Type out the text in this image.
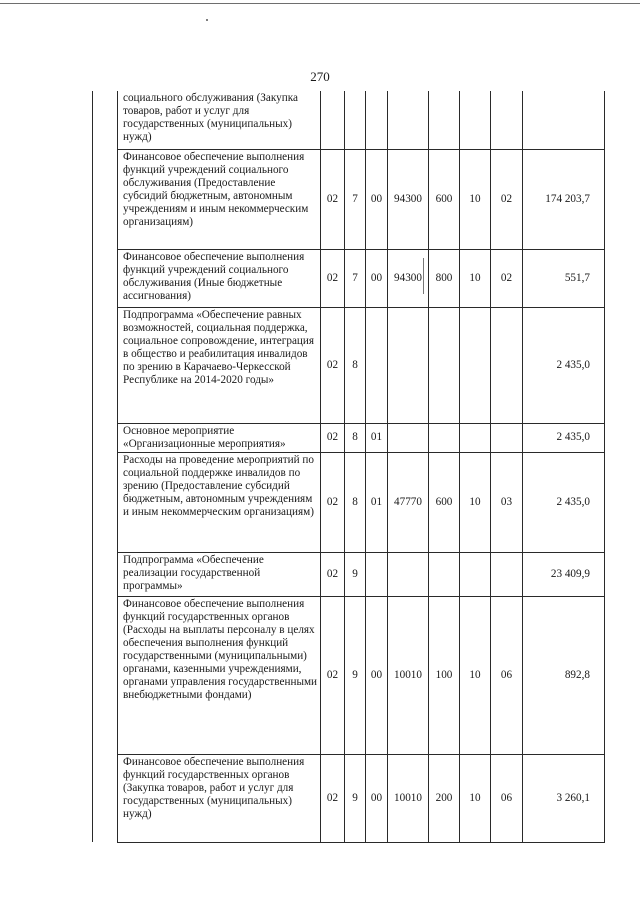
270
	социального обслуживания (Закупка товаров, работ и услуг для государственных (муниципальных) нужд)								
	Финансовое обеспечение выполнения функций учреждений социального обслуживания (Предоставление субсидий бюджетным, автономным учреждениям и иным некоммерческим организациям)	02	7	00	94300	600	10	02	174 203,7
	Финансовое обеспечение выполнения функций учреждений социального обслуживания (Иные бюджетные ассигнования)	02	7	00	94300	800	10	02	551,7
	Подпрограмма «Обеспечение равных возможностей, социальная поддержка, социальное сопровождение, интеграция в общество и реабилитация инвалидов по зрению в Карачаево-Черкесской Республике на 2014-2020 годы»	02	8						2 435,0
	Основное мероприятие «Организационные мероприятия»	02	8	01					2 435,0
	Расходы на проведение мероприятий по социальной поддержке инвалидов по зрению (Предоставление субсидий бюджетным, автономным учреждениям и иным некоммерческим организациям)	02	8	01	47770	600	10	03	2 435,0
	Подпрограмма «Обеспечение реализации государственной программы»	02	9						23 409,9
	Финансовое обеспечение выполнения функций государственных органов (Расходы на выплаты персоналу в целях обеспечения выполнения функций государственными (муниципальными) органами, казенными учреждениями, органами управления государственными внебюджетными фондами)	02	9	00	10010	100	10	06	892,8
	Финансовое обеспечение выполнения функций государственных органов (Закупка товаров, работ и услуг для государственных (муниципальных) нужд)	02	9	00	10010	200	10	06	3 260,1
